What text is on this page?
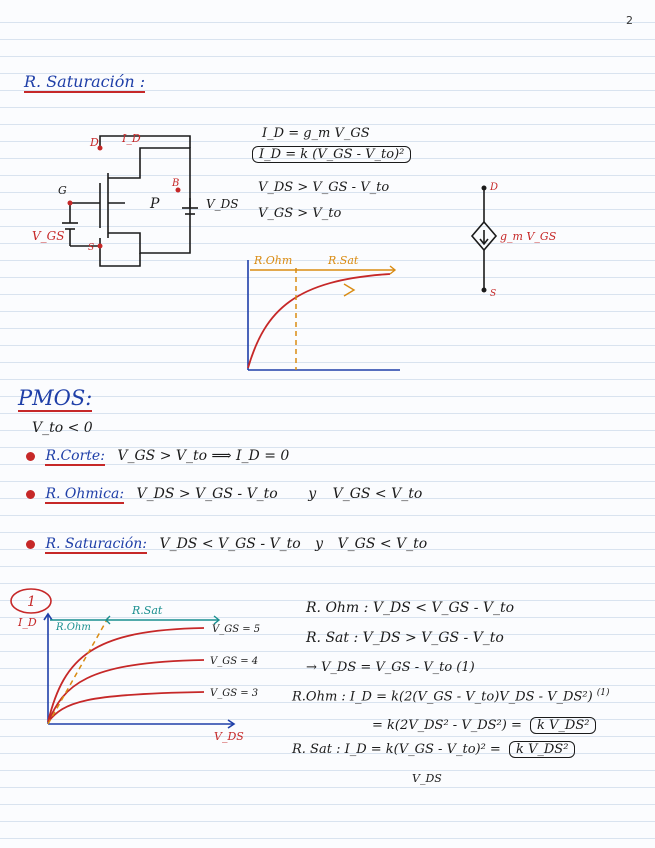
2
R. Saturación :
D I_D
G
B
P	V_DS
V_GS
S
I_D = g_m V_GS
I_D = k (V_GS - V_to)²
V_DS > V_GS - V_to
V_GS > V_to
D
S
g_m V_GS
R.Ohm	R.Sat
PMOS:
V_to < 0
R.Corte: V_GS > V_to ⟹ I_D = 0
R. Ohmica: V_DS > V_GS - V_to y V_GS < V_to
R. Saturación: V_DS < V_GS - V_to y V_GS < V_to
1
I_D
V_DS
R.Ohm
R.Sat
V_GS = 5
V_GS = 4
V_GS = 3
R. Ohm : V_DS < V_GS - V_to
R. Sat : V_DS > V_GS - V_to
→ V_DS = V_GS - V_to (1)
R.Ohm : I_D = k(2(V_GS - V_to)V_DS - V_DS²) $^{(1)}$
= k(2V_DS² - V_DS²) = k V_DS²
R. Sat : I_D = k(V_GS - V_to)² = k V_DS²
V_DS
